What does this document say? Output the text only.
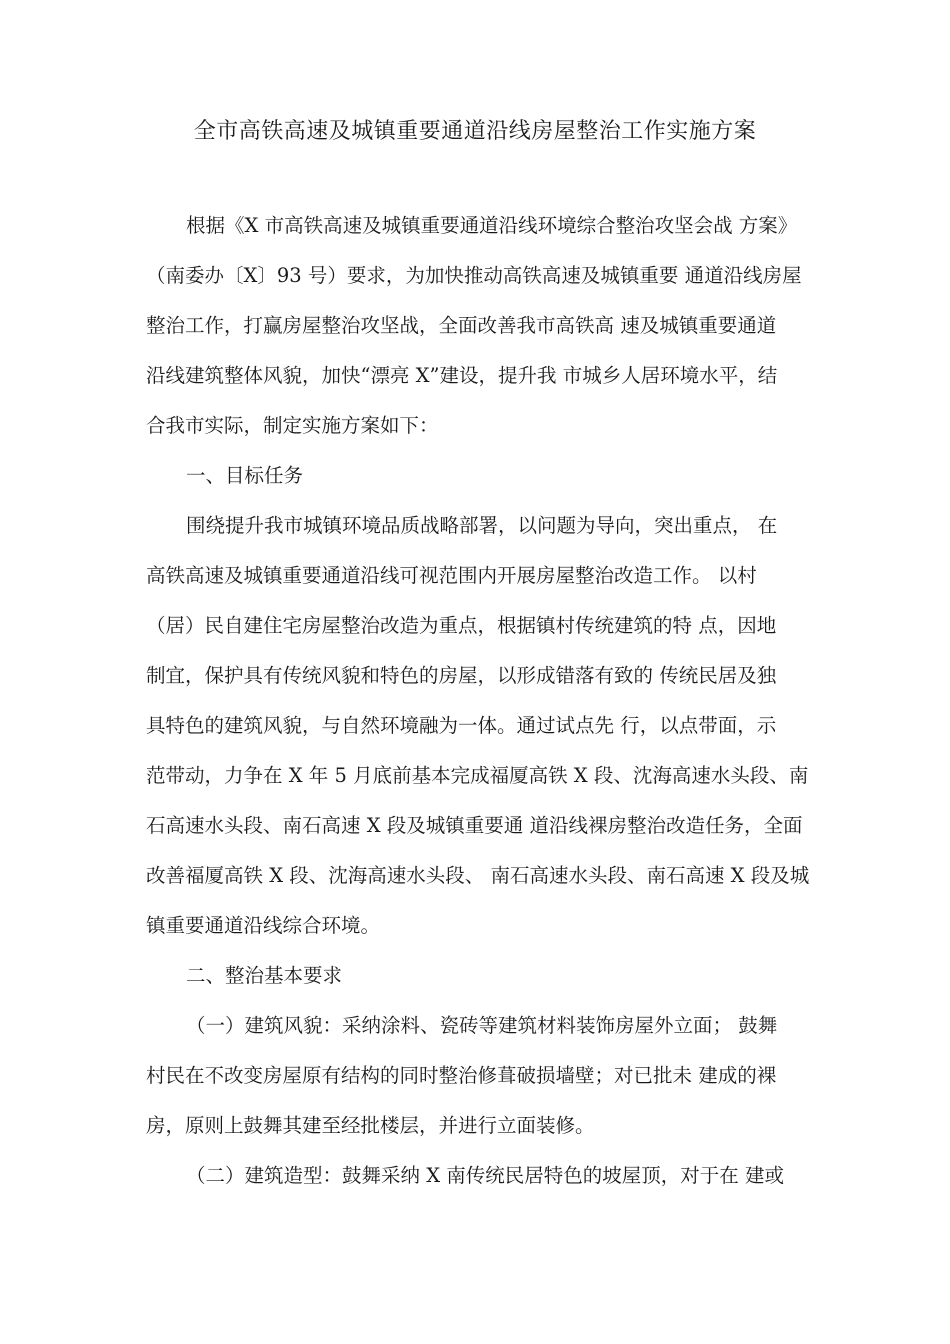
全市高铁高速及城镇重要通道沿线房屋整治工作实施方案
根据《X 市高铁高速及城镇重要通道沿线环境综合整治攻坚会战 方案》
（南委办〔X〕93 号）要求，为加快推动高铁高速及城镇重要 通道沿线房屋
整治工作，打赢房屋整治攻坚战，全面改善我市高铁高 速及城镇重要通道
沿线建筑整体风貌，加快“漂亮 X”建设，提升我 市城乡人居环境水平，结
合我市实际，制定实施方案如下：
一、目标任务
围绕提升我市城镇环境品质战略部署，以问题为导向，突出重点， 在
高铁高速及城镇重要通道沿线可视范围内开展房屋整治改造工作。 以村
（居）民自建住宅房屋整治改造为重点，根据镇村传统建筑的特 点，因地
制宜，保护具有传统风貌和特色的房屋，以形成错落有致的 传统民居及独
具特色的建筑风貌，与自然环境融为一体。通过试点先 行，以点带面，示
范带动，力争在 X 年 5 月底前基本完成福厦高铁 X 段、沈海高速水头段、南
石高速水头段、南石高速 X 段及城镇重要通 道沿线裸房整治改造任务，全面
改善福厦高铁 X 段、沈海高速水头段、 南石高速水头段、南石高速 X 段及城
镇重要通道沿线综合环境。
二、整治基本要求
（一）建筑风貌：采纳涂料、瓷砖等建筑材料装饰房屋外立面； 鼓舞
村民在不改变房屋原有结构的同时整治修葺破损墙壁；对已批未 建成的裸
房，原则上鼓舞其建至经批楼层，并进行立面装修。
（二）建筑造型：鼓舞采纳 X 南传统民居特色的坡屋顶，对于在 建或
